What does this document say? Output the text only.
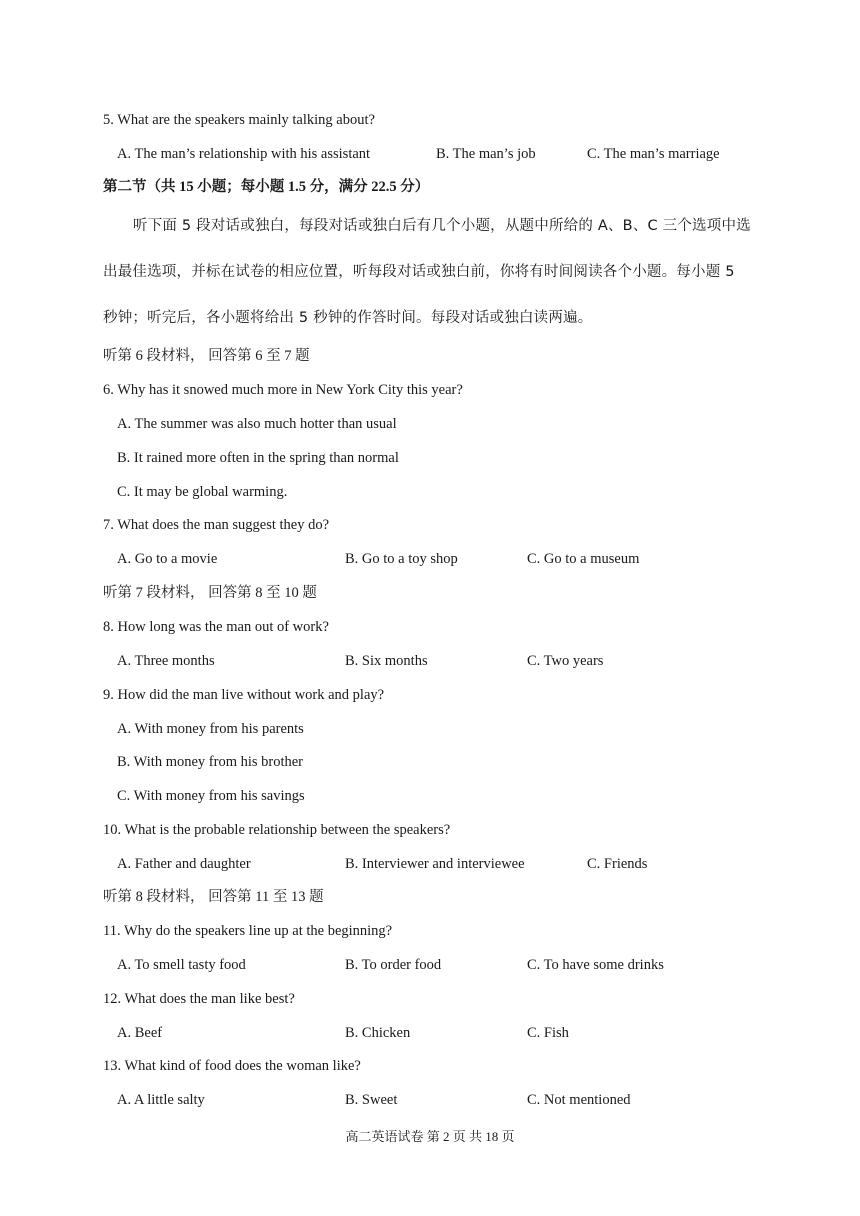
5. What are the speakers mainly talking about?
A. The man’s relationship with his assistant	B. The man’s job	C. The man’s marriage
第二节（共 15 小题；每小题 1.5 分，满分 22.5 分）
听下面 5 段对话或独白，每段对话或独白后有几个小题，从题中所给的 A、B、C 三个选项中选
出最佳选项，并标在试卷的相应位置，听每段对话或独白前，你将有时间阅读各个小题。每小题 5
秒钟；听完后，各小题将给出 5 秒钟的作答时间。每段对话或独白读两遍。
听第 6 段材料， 回答第 6 至 7 题
6. Why has it snowed much more in New York City this year?
A. The summer was also much hotter than usual
B. It rained more often in the spring than normal
C. It may be global warming.
7. What does the man suggest they do?
A. Go to a movie	B. Go to a toy shop	C. Go to a museum
听第 7 段材料， 回答第 8 至 10 题
8. How long was the man out of work?
A. Three months	B. Six months	C. Two years
9. How did the man live without work and play?
A. With money from his parents
B. With money from his brother
C. With money from his savings
10. What is the probable relationship between the speakers?
A. Father and daughter	B. Interviewer and interviewee	C. Friends
听第 8 段材料， 回答第 11 至 13 题
11. Why do the speakers line up at the beginning?
A. To smell tasty food	B. To order food	C. To have some drinks
12. What does the man like best?
A. Beef	B. Chicken	C. Fish
13. What kind of food does the woman like?
A. A little salty	B. Sweet	C. Not mentioned
高二英语试卷 第 2 页 共 18 页
